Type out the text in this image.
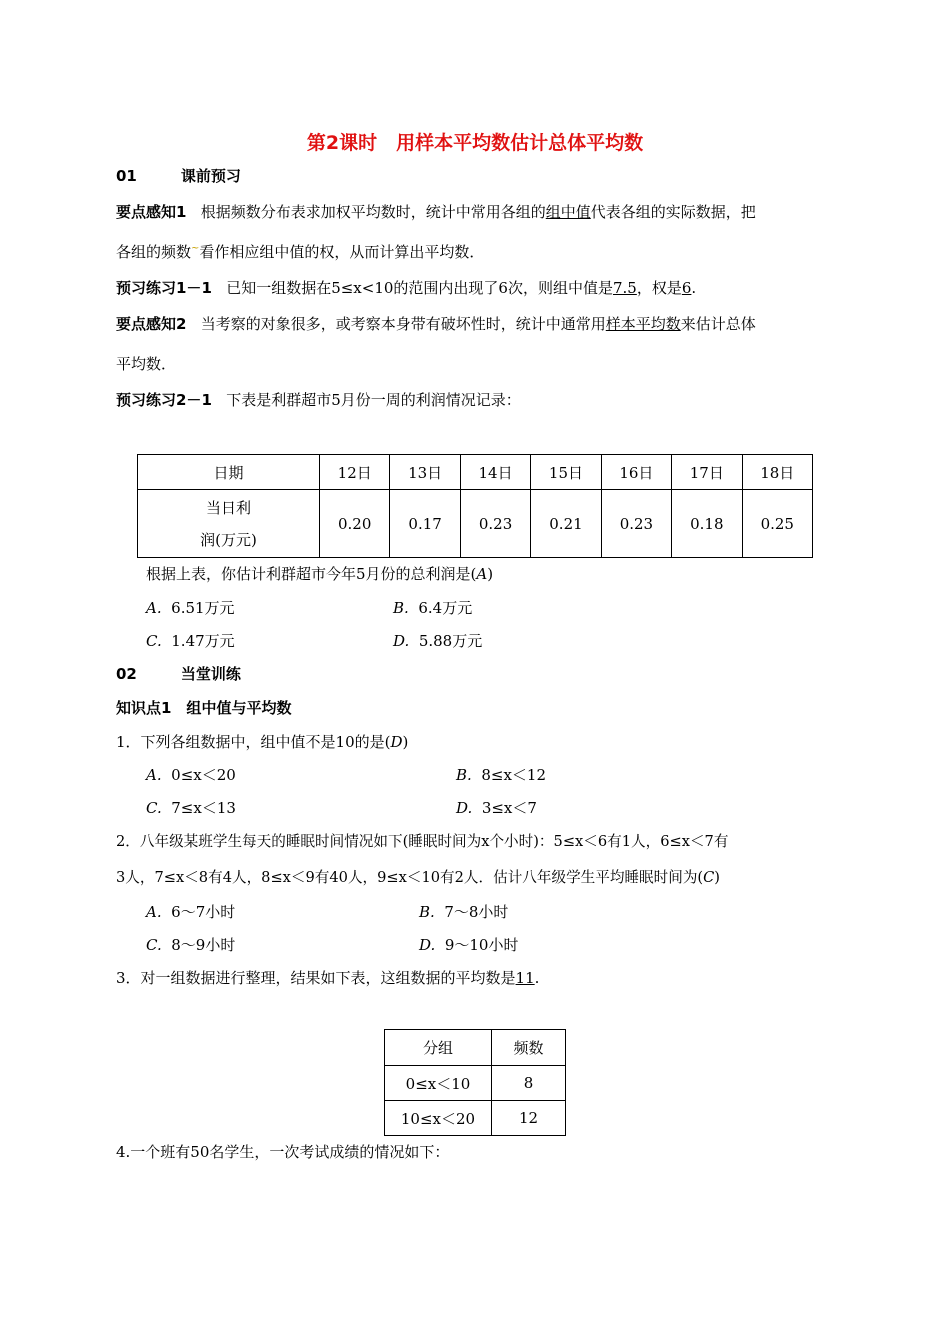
第2课时　用样本平均数估计总体平均数
01	课前预习
要点感知1 根据频数分布表求加权平均数时，统计中常用各组的组中值代表各组的实际数据，把
各组的频数~看作相应组中值的权，从而计算出平均数．
预习练习1－1 已知一组数据在5≤x<10的范围内出现了6次，则组中值是7.5，权是6.
要点感知2 当考察的对象很多，或考察本身带有破坏性时，统计中通常用样本平均数来估计总体
平均数．
预习练习2－1 下表是利群超市5月份一周的利润情况记录：
日期	12日	13日	14日	15日	16日	17日	18日

当日利
润(万元)	0.20	0.17	0.23	0.21	0.23	0.18	0.25
根据上表，你估计利群超市今年5月份的总利润是(A)
A. 6.51万元	B. 6.4万元
C. 1.47万元	D. 5.88万元
02	当堂训练
知识点1　组中值与平均数
1．下列各组数据中，组中值不是10的是(D)
A. 0≤x＜20	B. 8≤x＜12
C. 7≤x＜13	D. 3≤x＜7
2．八年级某班学生每天的睡眠时间情况如下(睡眠时间为x个小时)：5≤x＜6有1人，6≤x＜7有
3人，7≤x＜8有4人，8≤x＜9有40人，9≤x＜10有2人．估计八年级学生平均睡眠时间为(C)
A. 6～7小时	B. 7～8小时
C. 8～9小时	D. 9～10小时
3．对一组数据进行整理，结果如下表，这组数据的平均数是11.
分组	频数
0≤x＜10	8
10≤x＜20	12
4.一个班有50名学生，一次考试成绩的情况如下：
